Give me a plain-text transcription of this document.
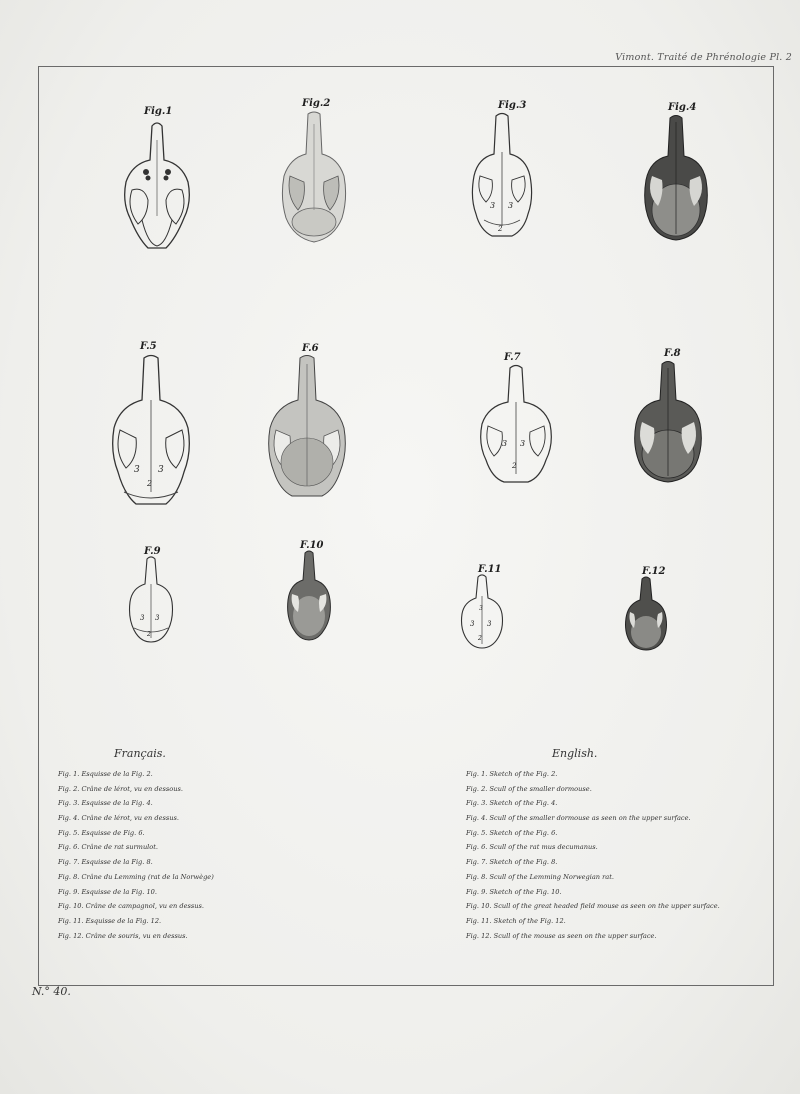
Vimont. Traité de Phrénologie Pl. 2
Fig.1
Fig.2	Fig.3
3 3
2
Fig.4
F.5
3 3
2
F.6
F.7
3 3
2
F.8
F.9
3 3
2
F.10
F.11
3
3 3
2
F.12
Français.	English.
Fig. 1. Esquisse de la Fig. 2.
Fig. 2. Crâne de lérot, vu en dessous.
Fig. 3. Esquisse de la Fig. 4.
Fig. 4. Crâne de lérot, vu en dessus.
Fig. 5. Esquisse de Fig. 6.
Fig. 6. Crâne de rat surmulot.
Fig. 7. Esquisse de la Fig. 8.
Fig. 8. Crâne du Lemming (rat de la Norwège)
Fig. 9. Esquisse de la Fig. 10.
Fig. 10. Crâne de campagnol, vu en dessus.
Fig. 11. Esquisse de la Fig. 12.
Fig. 12. Crâne de souris, vu en dessus.
Fig. 1. Sketch of the Fig. 2.
Fig. 2. Scull of the smaller dormouse.
Fig. 3. Sketch of the Fig. 4.
Fig. 4. Scull of the smaller dormouse as seen on the upper surface.
Fig. 5. Sketch of the Fig. 6.
Fig. 6. Scull of the rat mus decumanus.
Fig. 7. Sketch of the Fig. 8.
Fig. 8. Scull of the Lemming Norwegian rat.
Fig. 9. Sketch of the Fig. 10.
Fig. 10. Scull of the great headed field mouse as seen on the upper surface.
Fig. 11. Sketch of the Fig. 12.
Fig. 12. Scull of the mouse as seen on the upper surface.
N.° 40.
